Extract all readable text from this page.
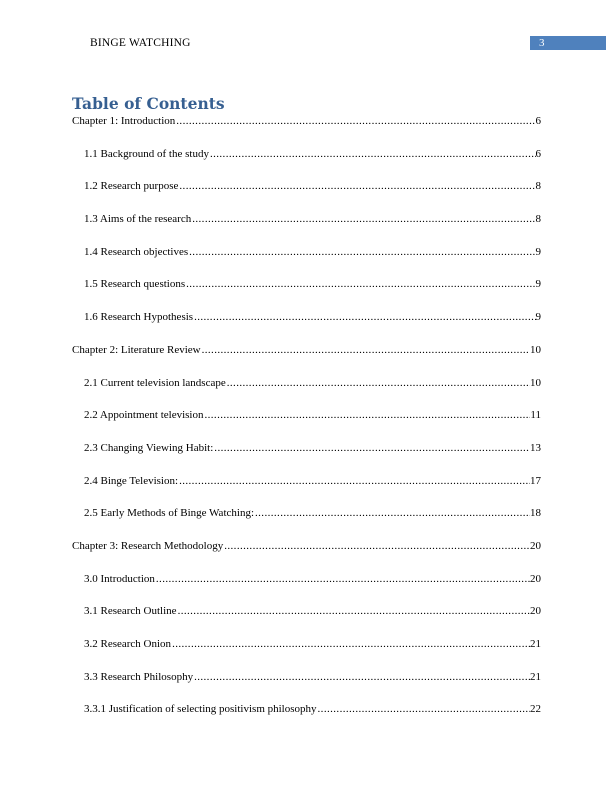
BINGE WATCHING	3
Table of Contents
Chapter 1: Introduction .....	6
1.1 Background of the study .....	6
1.2 Research purpose .....	8
1.3 Aims of the research .....	8
1.4 Research objectives .....	9
1.5 Research questions .....	9
1.6 Research Hypothesis .....	9
Chapter 2: Literature Review .....	10
2.1 Current television landscape .....	10
2.2 Appointment television .....	11
2.3 Changing Viewing Habit: .....	13
2.4 Binge Television: .....	17
2.5 Early Methods of Binge Watching: .....	18
Chapter 3: Research Methodology .....	20
3.0 Introduction .....	20
3.1 Research Outline .....	20
3.2 Research Onion .....	21
3.3 Research Philosophy .....	21
3.3.1 Justification of selecting positivism philosophy .....	22
